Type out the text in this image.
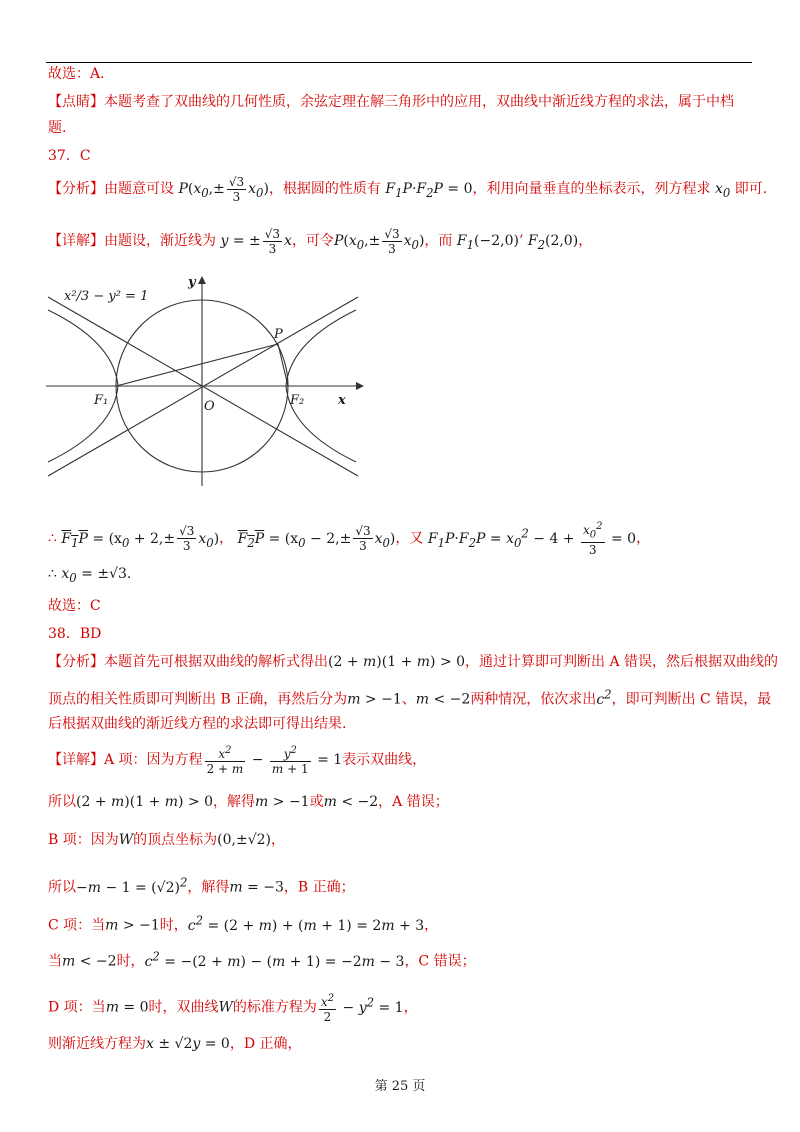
故选：A.
【点睛】本题考查了双曲线的几何性质，余弦定理在解三角形中的应用，双曲线中渐近线方程的求法，属于中档
题.
37．C
【分析】由题意可设 $P(x_0,\pm \frac{√3}{3} x_0)$，根据圆的性质有 $F_1P\cdot F_2P = 0$，利用向量垂直的坐标表示，列方程求 $x_0$ 即可.
【详解】由题设，渐近线为 y = ± $\frac{√3}{3}$ x，可令$P(x_0,\pm \frac{√3}{3} x_0)$，而 $F_1(-2,0)$’ $F_2(2,0)$，
x²/3 − y² = 1
y
x
F₁	F₂
O
P
∴ $F_1P = (x_0 + 2,\pm \frac{√3}{3} x_0)$， $F_2P = (x_0 - 2,\pm \frac{√3}{3} x_0)$，又 $F_1P\cdot F_2P = x_0^2 - 4 + \frac{x_0^2}{3} = 0$，
∴ $x_0 = \pm√3$.
故选：C
38．BD
【分析】本题首先可根据双曲线的解析式得出(2 + m)(1 + m) > 0，通过计算即可判断出 A 错误，然后根据双曲线的
顶点的相关性质即可判断出 B 正确，再然后分为m > −1、m < −2两种情况，依次求出$c^2$，即可判断出 C 错误，最
后根据双曲线的渐近线方程的求法即可得出结果.
【详解】A 项：因为方程 $\frac{x^2}{2 + m} - \frac{y^2}{m + 1} = 1$表示双曲线，
所以(2 + m)(1 + m) > 0，解得m > −1或m < −2，A 错误；
B 项：因为W的顶点坐标为(0,±√2)，
所以$-m - 1 = (√2)^2$，解得m = −3，B 正确；
C 项：当m > −1时，$c^2 = (2 + m) + (m + 1) = 2m + 3$，
当m < −2时，$c^2 = -(2 + m) - (m + 1) = -2m - 3$，C 错误；
D 项：当m = 0时，双曲线W的标准方程为 $\frac{x^2}{2} - y^2 = 1$，
则渐近线方程为x ± √2y = 0，D 正确，
第 25 页
